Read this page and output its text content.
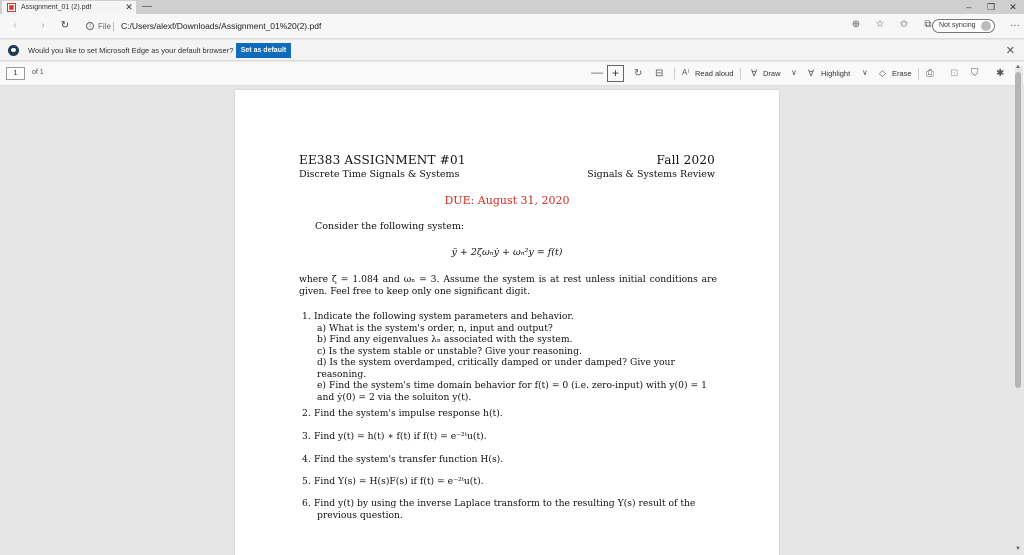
▣ Assignment_01 (2).pdf	✕ —	–	❐	✕
‹	›	↻	i File C:/Users/alexf/Downloads/Assignment_01%20(2).pdf	⊕ ☆ ✩ ⧉	Not syncing	···
Would you like to set Microsoft Edge as your default browser?	Set as default	✕
1	of 1	— +	↻ ⊟ A⁾ Read aloud ∀ Draw ∨ ∀ Highlight ∨ ◇ Erase ⎙ ⊡ ⛉ ✱
▲
▼
EE383 ASSIGNMENT #01
Discrete Time Signals & Systems
Fall 2020
Signals & Systems Review
DUE: August 31, 2020
Consider the following system:
ÿ + 2ζωₙẏ + ωₙ²y = f(t)
where ζ = 1.084 and ωₙ = 3. Assume the system is at rest unless initial conditions are given. Feel free to keep only one significant digit.
1. Indicate the following system parameters and behavior.
a) What is the system's order, n, input and output?
b) Find any eigenvalues λₙ associated with the system.
c) Is the system stable or unstable? Give your reasoning.
d) Is the system overdamped, critically damped or under damped? Give your reasoning.
e) Find the system's time domain behavior for f(t) = 0 (i.e. zero-input) with y(0) = 1
and ẏ(0) = 2 via the soluiton y(t).
2. Find the system's impulse response h(t).
3. Find y(t) = h(t) ∗ f(t) if f(t) = e⁻²ᵗu(t).
4. Find the system's transfer function H(s).
5. Find Y(s) = H(s)F(s) if f(t) = e⁻²ᵗu(t).
6. Find y(t) by using the inverse Laplace transform to the resulting Y(s) result of the
previous question.
